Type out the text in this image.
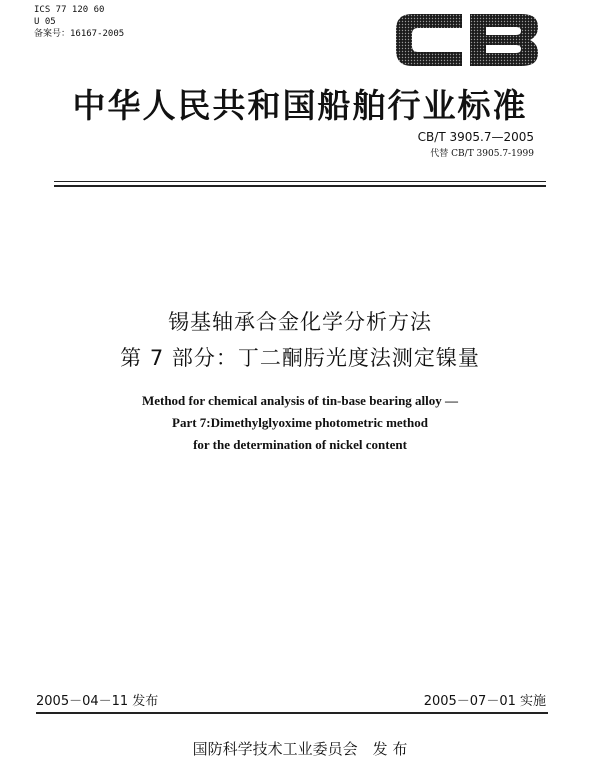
ICS 77 120 60
U 05
备案号：16167-2005
中华人民共和国船舶行业标准
CB/T 3905.7—2005
代替 CB/T 3905.7-1999
锡基轴承合金化学分析方法
第 7 部分：丁二酮肟光度法测定镍量
Method for chemical analysis of tin-base bearing alloy —
Part 7:Dimethylglyoxime photometric method
for the determination of nickel content
2005－04－11 发布	2005－07－01 实施
国防科学技术工业委员会　发 布
